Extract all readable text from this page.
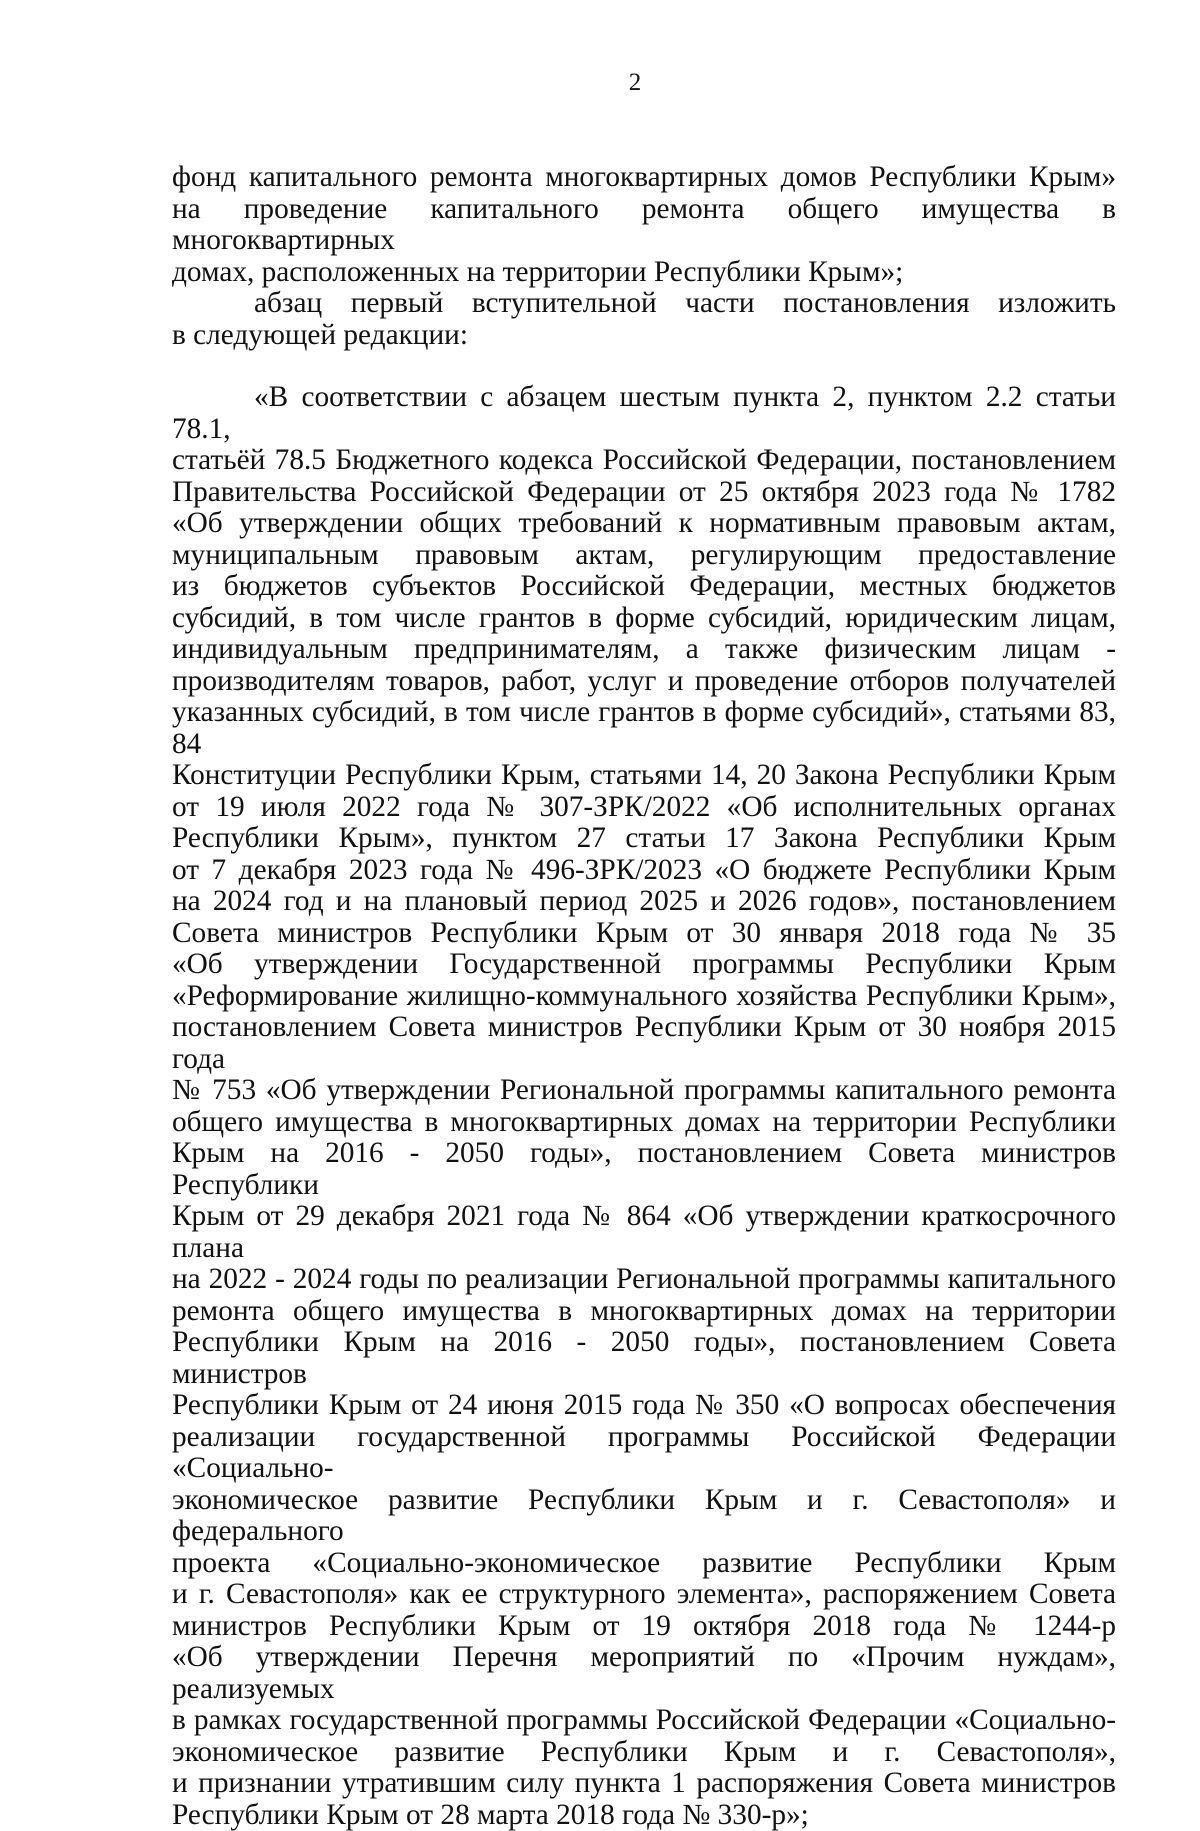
2
фонд капитального ремонта многоквартирных домов Республики Крым»
на проведение капитального ремонта общего имущества в многоквартирных
домах, расположенных на территории Республики Крым»;
абзац первый вступительной части постановления изложить
в следующей редакции:
«В соответствии с абзацем шестым пункта 2, пунктом 2.2 статьи 78.1,
статьёй 78.5 Бюджетного кодекса Российской Федерации, постановлением
Правительства Российской Федерации от 25 октября 2023 года № 1782
«Об утверждении общих требований к нормативным правовым актам,
муниципальным правовым актам, регулирующим предоставление
из бюджетов субъектов Российской Федерации, местных бюджетов
субсидий, в том числе грантов в форме субсидий, юридическим лицам,
индивидуальным предпринимателям, а также физическим лицам -
производителям товаров, работ, услуг и проведение отборов получателей
указанных субсидий, в том числе грантов в форме субсидий», статьями 83, 84
Конституции Республики Крым, статьями 14, 20 Закона Республики Крым
от 19 июля 2022 года № 307-ЗРК/2022 «Об исполнительных органах
Республики Крым», пунктом 27 статьи 17 Закона Республики Крым
от 7 декабря 2023 года № 496-ЗРК/2023 «О бюджете Республики Крым
на 2024 год и на плановый период 2025 и 2026 годов», постановлением
Совета министров Республики Крым от 30 января 2018 года № 35
«Об утверждении Государственной программы Республики Крым
«Реформирование жилищно-коммунального хозяйства Республики Крым»,
постановлением Совета министров Республики Крым от 30 ноября 2015 года
№ 753 «Об утверждении Региональной программы капитального ремонта
общего имущества в многоквартирных домах на территории Республики
Крым на 2016 - 2050 годы», постановлением Совета министров Республики
Крым от 29 декабря 2021 года № 864 «Об утверждении краткосрочного плана
на 2022 - 2024 годы по реализации Региональной программы капитального
ремонта общего имущества в многоквартирных домах на территории
Республики Крым на 2016 - 2050 годы», постановлением Совета министров
Республики Крым от 24 июня 2015 года № 350 «О вопросах обеспечения
реализации государственной программы Российской Федерации «Социально-
экономическое развитие Республики Крым и г. Севастополя» и федерального
проекта «Социально-экономическое развитие Республики Крым
и г. Севастополя» как ее структурного элемента», распоряжением Совета
министров Республики Крым от 19 октября 2018 года № 1244-р
«Об утверждении Перечня мероприятий по «Прочим нуждам», реализуемых
в рамках государственной программы Российской Федерации «Социально-
экономическое развитие Республики Крым и г. Севастополя»,
и признании утратившим силу пункта 1 распоряжения Совета министров
Республики Крым от 28 марта 2018 года № 330-р»;
